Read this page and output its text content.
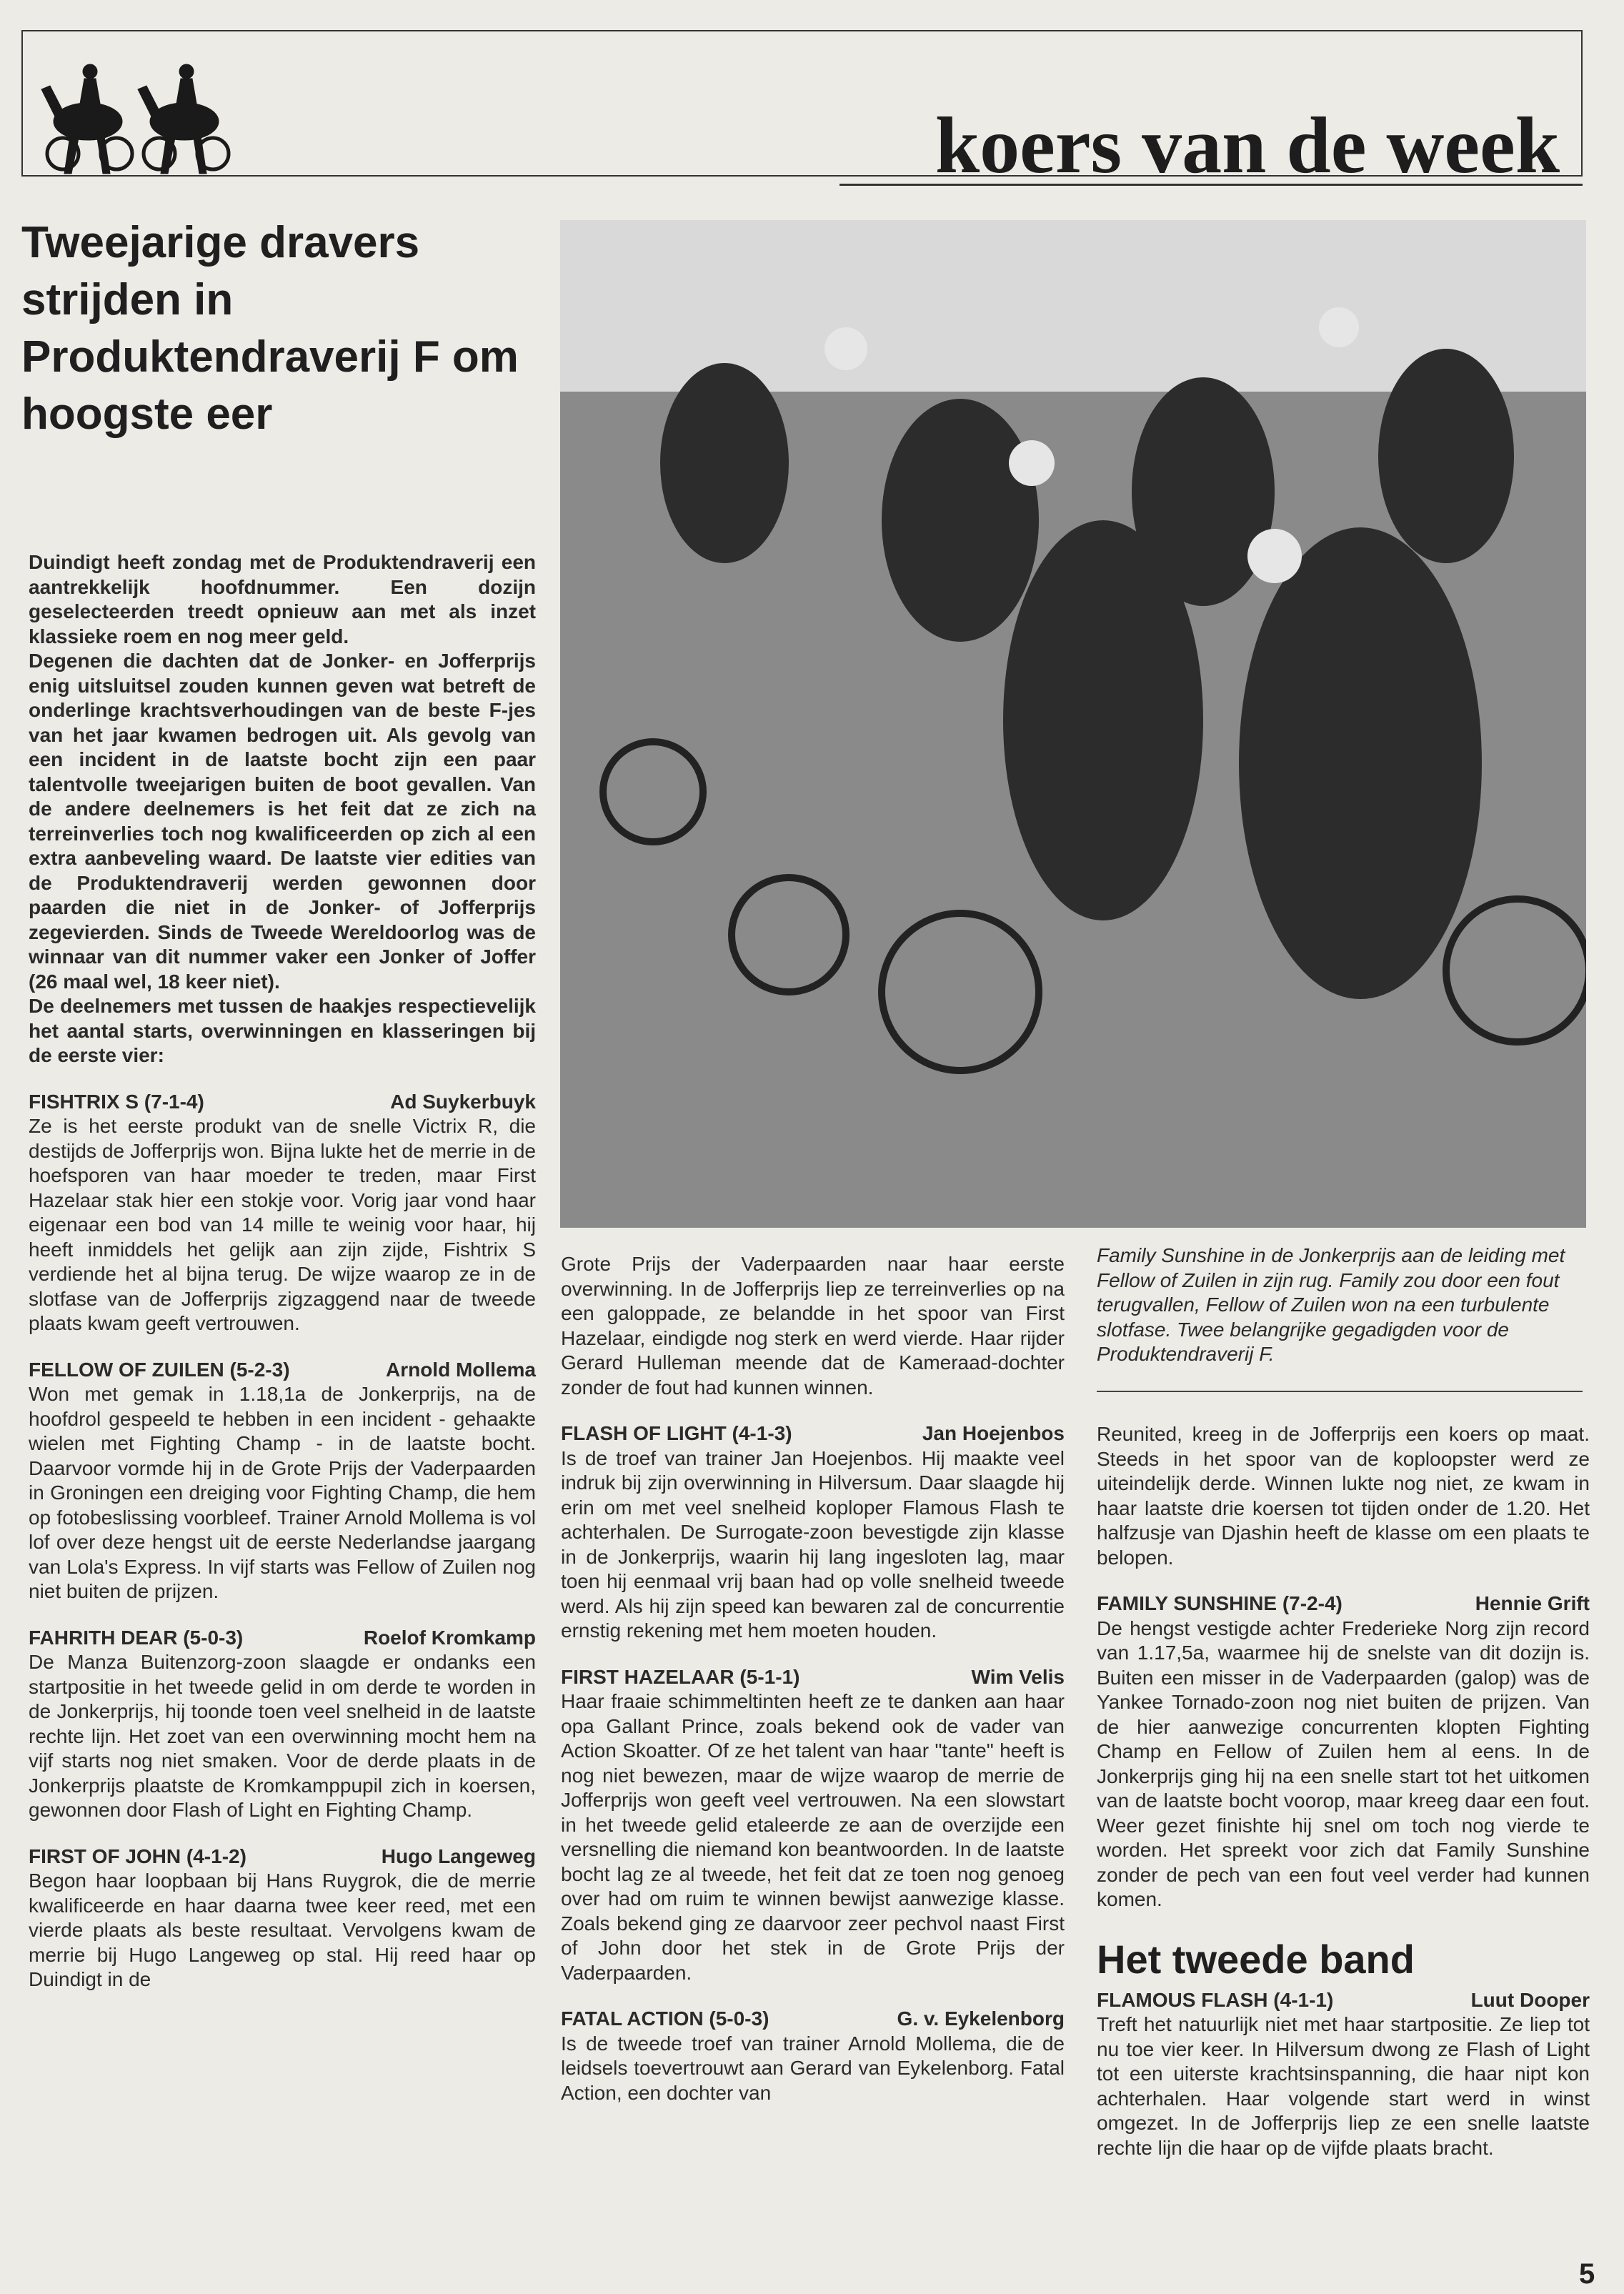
koers van de week
Tweejarige dravers strijden in Produktendraverij F om hoogste eer

Duindigt heeft zondag met de Produktendraverij een aantrekkelijk hoofdnummer. Een dozijn geselecteerden treedt opnieuw aan met als inzet klassieke roem en nog meer geld.

Degenen die dachten dat de Jonker- en Jofferprijs enig uitsluitsel zouden kunnen geven wat betreft de onderlinge krachtsverhoudingen van de beste F-jes van het jaar kwamen bedrogen uit. Als gevolg van een incident in de laatste bocht zijn een paar talentvolle tweejarigen buiten de boot gevallen. Van de andere deelnemers is het feit dat ze zich na terreinverlies toch nog kwalificeerden op zich al een extra aanbeveling waard. De laatste vier edities van de Produktendraverij werden gewonnen door paarden die niet in de Jonker- of Jofferprijs zegevierden. Sinds de Tweede Wereldoorlog was de winnaar van dit nummer vaker een Jonker of Joffer (26 maal wel, 18 keer niet).

De deelnemers met tussen de haakjes respectievelijk het aantal starts, overwinningen en klasseringen bij de eerste vier:

FISHTRIX S (7-1-4)	Ad Suykerbuyk

Ze is het eerste produkt van de snelle Victrix R, die destijds de Jofferprijs won. Bijna lukte het de merrie in de hoefsporen van haar moeder te treden, maar First Hazelaar stak hier een stokje voor. Vorig jaar vond haar eigenaar een bod van 14 mille te weinig voor haar, hij heeft inmiddels het gelijk aan zijn zijde, Fishtrix S verdiende het al bijna terug. De wijze waarop ze in de slotfase van de Jofferprijs zigzaggend naar de tweede plaats kwam geeft vertrouwen.

FELLOW OF ZUILEN (5-2-3)	Arnold Mollema

Won met gemak in 1.18,1a de Jonkerprijs, na de hoofdrol gespeeld te hebben in een incident - gehaakte wielen met Fighting Champ - in de laatste bocht. Daarvoor vormde hij in de Grote Prijs der Vaderpaarden in Groningen een dreiging voor Fighting Champ, die hem op fotobeslissing voorbleef. Trainer Arnold Mollema is vol lof over deze hengst uit de eerste Nederlandse jaargang van Lola's Express. In vijf starts was Fellow of Zuilen nog niet buiten de prijzen.

FAHRITH DEAR (5-0-3)	Roelof Kromkamp

De Manza Buitenzorg-zoon slaagde er ondanks een startpositie in het tweede gelid in om derde te worden in de Jonkerprijs, hij toonde toen veel snelheid in de laatste rechte lijn. Het zoet van een overwinning mocht hem na vijf starts nog niet smaken. Voor de derde plaats in de Jonkerprijs plaatste de Kromkamppupil zich in koersen, gewonnen door Flash of Light en Fighting Champ.

FIRST OF JOHN (4-1-2)	Hugo Langeweg

Begon haar loopbaan bij Hans Ruygrok, die de merrie kwalificeerde en haar daarna twee keer reed, met een vierde plaats als beste resultaat. Vervolgens kwam de merrie bij Hugo Langeweg op stal. Hij reed haar op Duindigt in de

Grote Prijs der Vaderpaarden naar haar eerste overwinning. In de Jofferprijs liep ze terreinverlies op na een galoppade, ze belandde in het spoor van First Hazelaar, eindigde nog sterk en werd vierde. Haar rijder Gerard Hulleman meende dat de Kameraad-dochter zonder de fout had kunnen winnen.

FLASH OF LIGHT (4-1-3)	Jan Hoejenbos

Is de troef van trainer Jan Hoejenbos. Hij maakte veel indruk bij zijn overwinning in Hilversum. Daar slaagde hij erin om met veel snelheid koploper Flamous Flash te achterhalen. De Surrogate-zoon bevestigde zijn klasse in de Jonkerprijs, waarin hij lang ingesloten lag, maar toen hij eenmaal vrij baan had op volle snelheid tweede werd. Als hij zijn speed kan bewaren zal de concurrentie ernstig rekening met hem moeten houden.

FIRST HAZELAAR (5-1-1)	Wim Velis

Haar fraaie schimmeltinten heeft ze te danken aan haar opa Gallant Prince, zoals bekend ook de vader van Action Skoatter. Of ze het talent van haar "tante" heeft is nog niet bewezen, maar de wijze waarop de merrie de Jofferprijs won geeft veel vertrouwen. Na een slowstart in het tweede gelid etaleerde ze aan de overzijde een versnelling die niemand kon beantwoorden. In de laatste bocht lag ze al tweede, het feit dat ze toen nog genoeg over had om ruim te winnen bewijst aanwezige klasse. Zoals bekend ging ze daarvoor zeer pechvol naast First of John door het stek in de Grote Prijs der Vaderpaarden.

FATAL ACTION (5-0-3)	G. v. Eykelenborg

Is de tweede troef van trainer Arnold Mollema, die de leidsels toevertrouwt aan Gerard van Eykelenborg. Fatal Action, een dochter van

Family Sunshine in de Jonkerprijs aan de leiding met Fellow of Zuilen in zijn rug. Family zou door een fout terugvallen, Fellow of Zuilen won na een turbulente slotfase. Twee belangrijke gegadigden voor de Produktendraverij F.

Reunited, kreeg in de Jofferprijs een koers op maat. Steeds in het spoor van de koploopster werd ze uiteindelijk derde. Winnen lukte nog niet, ze kwam in haar laatste drie koersen tot tijden onder de 1.20. Het halfzusje van Djashin heeft de klasse om een plaats te belopen.

FAMILY SUNSHINE (7-2-4)	Hennie Grift

De hengst vestigde achter Frederieke Norg zijn record van 1.17,5a, waarmee hij de snelste van dit dozijn is. Buiten een misser in de Vaderpaarden (galop) was de Yankee Tornado-zoon nog niet buiten de prijzen. Van de hier aanwezige concurrenten klopten Fighting Champ en Fellow of Zuilen hem al eens. In de Jonkerprijs ging hij na een snelle start tot het uitkomen van de laatste bocht voorop, maar kreeg daar een fout. Weer gezet finishte hij snel om toch nog vierde te worden. Het spreekt voor zich dat Family Sunshine zonder de pech van een fout veel verder had kunnen komen.

Het tweede band
FLAMOUS FLASH (4-1-1)	Luut Dooper

Treft het natuurlijk niet met haar startpositie. Ze liep tot nu toe vier keer. In Hilversum dwong ze Flash of Light tot een uiterste krachtsinspanning, die haar nipt kon achterhalen. Haar volgende start werd in winst omgezet. In de Jofferprijs liep ze een snelle laatste rechte lijn die haar op de vijfde plaats bracht.

5
